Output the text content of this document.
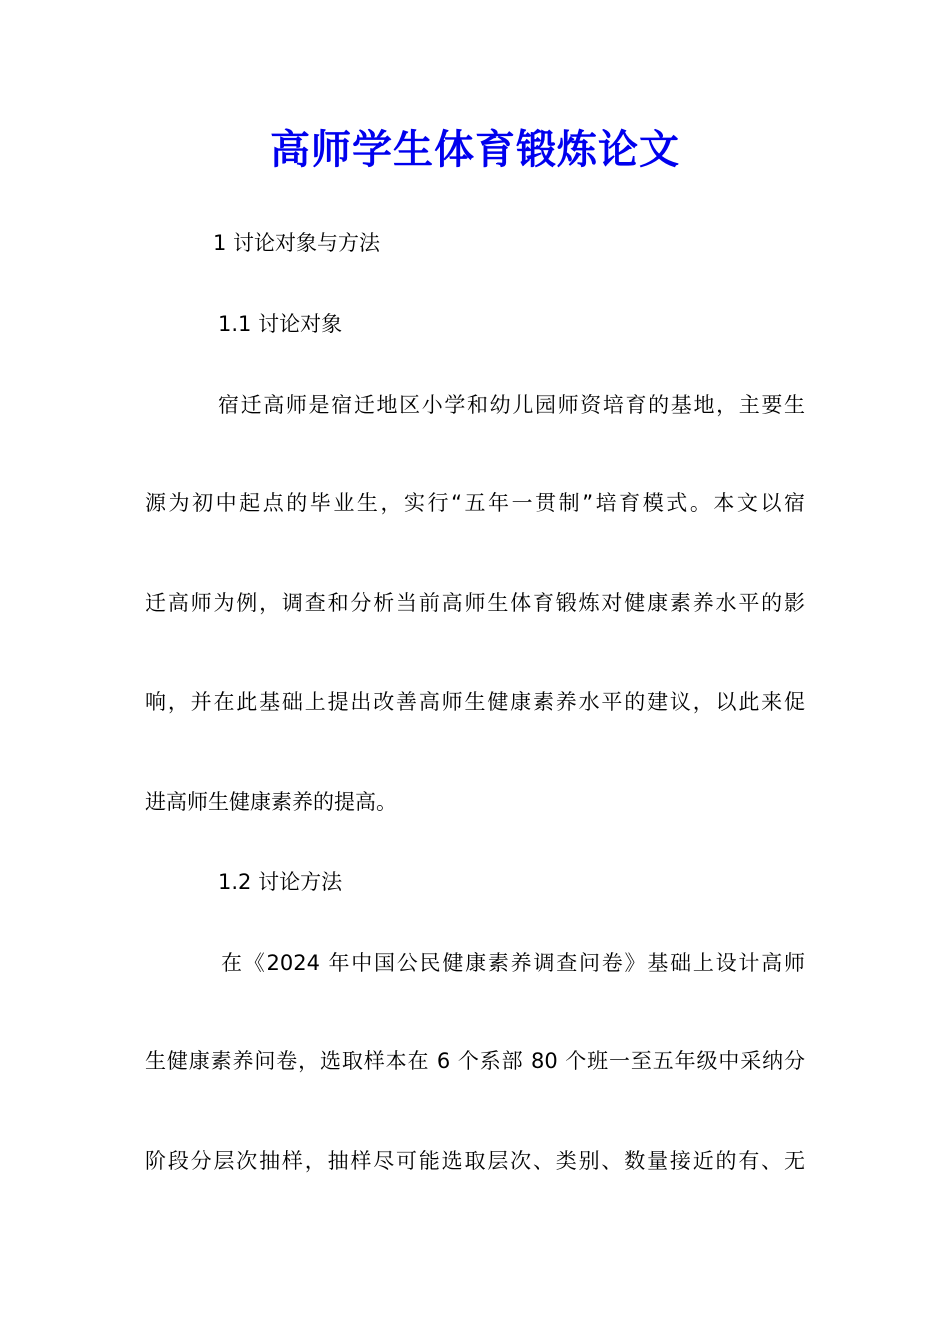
高师学生体育锻炼论文
1 讨论对象与方法
1.1 讨论对象
宿迁高师是宿迁地区小学和幼儿园师资培育的基地，主要生
源为初中起点的毕业生，实行“五年一贯制”培育模式。本文以宿
迁高师为例，调查和分析当前高师生体育锻炼对健康素养水平的影
响，并在此基础上提出改善高师生健康素养水平的建议，以此来促
进高师生健康素养的提高。
1.2 讨论方法
在《2024 年中国公民健康素养调查问卷》基础上设计高师
生健康素养问卷，选取样本在 6 个系部 80 个班一至五年级中采纳分
阶段分层次抽样，抽样尽可能选取层次、类别、数量接近的有、无
